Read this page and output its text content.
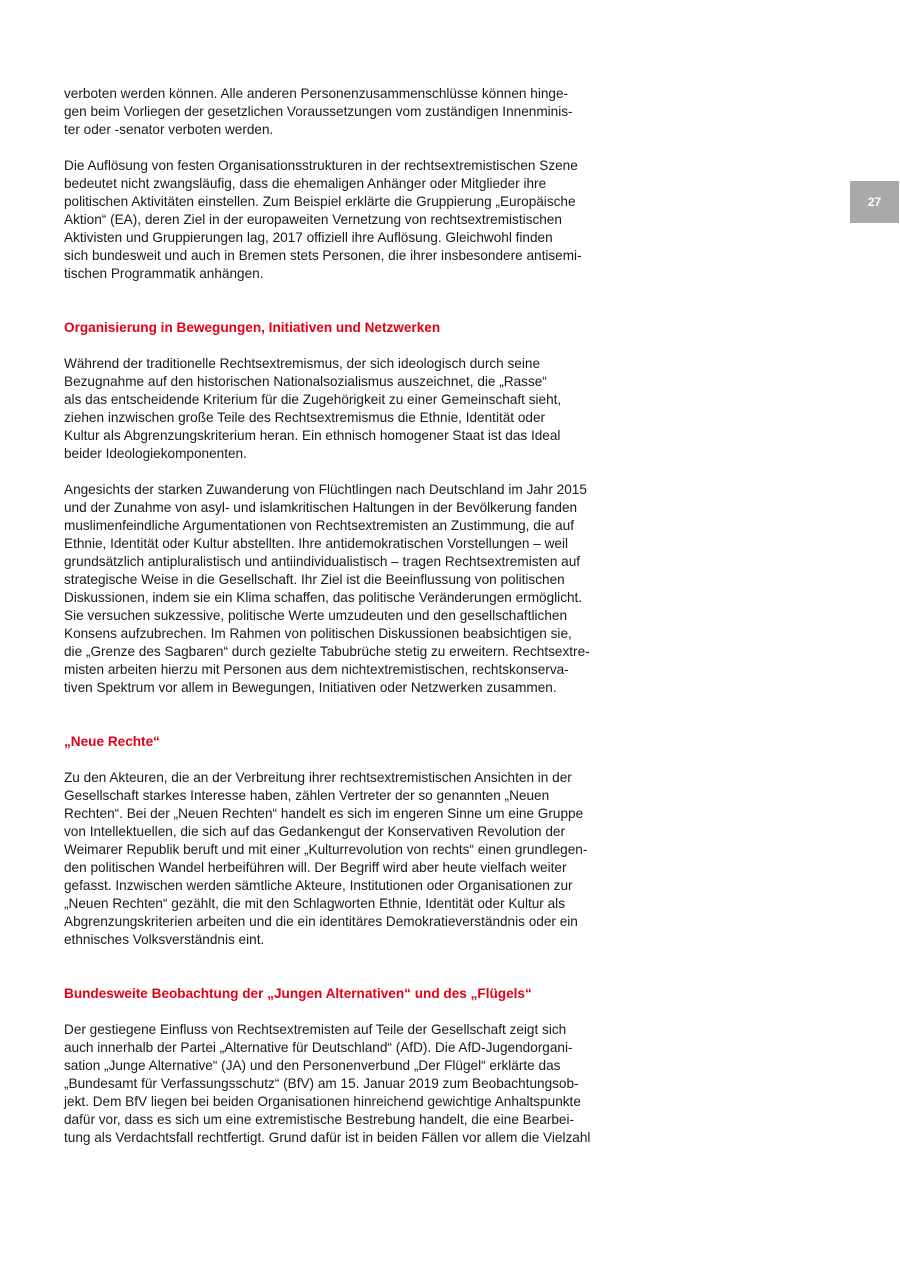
verboten werden können. Alle anderen Personenzusammenschlüsse können hinge-
gen beim Vorliegen der gesetzlichen Voraussetzungen vom zuständigen Innenminis-
ter oder -senator verboten werden.
Die Auflösung von festen Organisationsstrukturen in der rechtsextremistischen Szene
bedeutet nicht zwangsläufig, dass die ehemaligen Anhänger oder Mitglieder ihre
politischen Aktivitäten einstellen. Zum Beispiel erklärte die Gruppierung „Europäische
Aktion“ (EA), deren Ziel in der europaweiten Vernetzung von rechtsextremistischen
Aktivisten und Gruppierungen lag, 2017 offiziell ihre Auflösung. Gleichwohl finden
sich bundesweit und auch in Bremen stets Personen, die ihrer insbesondere antisemi-
tischen Programmatik anhängen.
Organisierung in Bewegungen, Initiativen und Netzwerken
Während der traditionelle Rechtsextremismus, der sich ideologisch durch seine
Bezugnahme auf den historischen Nationalsozialismus auszeichnet, die „Rasse“
als das entscheidende Kriterium für die Zugehörigkeit zu einer Gemeinschaft sieht,
ziehen inzwischen große Teile des Rechtsextremismus die Ethnie, Identität oder
Kultur als Abgrenzungskriterium heran. Ein ethnisch homogener Staat ist das Ideal
beider Ideologiekomponenten.
Angesichts der starken Zuwanderung von Flüchtlingen nach Deutschland im Jahr 2015
und der Zunahme von asyl- und islamkritischen Haltungen in der Bevölkerung fanden
muslimenfeindliche Argumentationen von Rechtsextremisten an Zustimmung, die auf
Ethnie, Identität oder Kultur abstellten. Ihre antidemokratischen Vorstellungen – weil
grundsätzlich antipluralistisch und antiindividualistisch – tragen Rechtsextremisten auf
strategische Weise in die Gesellschaft. Ihr Ziel ist die Beeinflussung von politischen
Diskussionen, indem sie ein Klima schaffen, das politische Veränderungen ermöglicht.
Sie versuchen sukzessive, politische Werte umzudeuten und den gesellschaftlichen
Konsens aufzubrechen. Im Rahmen von politischen Diskussionen beabsichtigen sie,
die „Grenze des Sagbaren“ durch gezielte Tabubrüche stetig zu erweitern. Rechtsextre-
misten arbeiten hierzu mit Personen aus dem nichtextremistischen, rechtskonserva-
tiven Spektrum vor allem in Bewegungen, Initiativen oder Netzwerken zusammen.
„Neue Rechte“
Zu den Akteuren, die an der Verbreitung ihrer rechtsextremistischen Ansichten in der
Gesellschaft starkes Interesse haben, zählen Vertreter der so genannten „Neuen
Rechten“. Bei der „Neuen Rechten“ handelt es sich im engeren Sinne um eine Gruppe
von Intellektuellen, die sich auf das Gedankengut der Konservativen Revolution der
Weimarer Republik beruft und mit einer „Kulturrevolution von rechts“ einen grundlegen-
den politischen Wandel herbeiführen will. Der Begriff wird aber heute vielfach weiter
gefasst. Inzwischen werden sämtliche Akteure, Institutionen oder Organisationen zur
„Neuen Rechten“ gezählt, die mit den Schlagworten Ethnie, Identität oder Kultur als
Abgrenzungskriterien arbeiten und die ein identitäres Demokratieverständnis oder ein
ethnisches Volksverständnis eint.
Bundesweite Beobachtung der „Jungen Alternativen“ und des „Flügels“
Der gestiegene Einfluss von Rechtsextremisten auf Teile der Gesellschaft zeigt sich
auch innerhalb der Partei „Alternative für Deutschland“ (AfD). Die AfD-Jugendorgani-
sation „Junge Alternative“ (JA) und den Personenverbund „Der Flügel“ erklärte das
„Bundesamt für Verfassungsschutz“ (BfV) am 15. Januar 2019 zum Beobachtungsob-
jekt. Dem BfV liegen bei beiden Organisationen hinreichend gewichtige Anhaltspunkte
dafür vor, dass es sich um eine extremistische Bestrebung handelt, die eine Bearbei-
tung als Verdachtsfall rechtfertigt. Grund dafür ist in beiden Fällen vor allem die Vielzahl
27
